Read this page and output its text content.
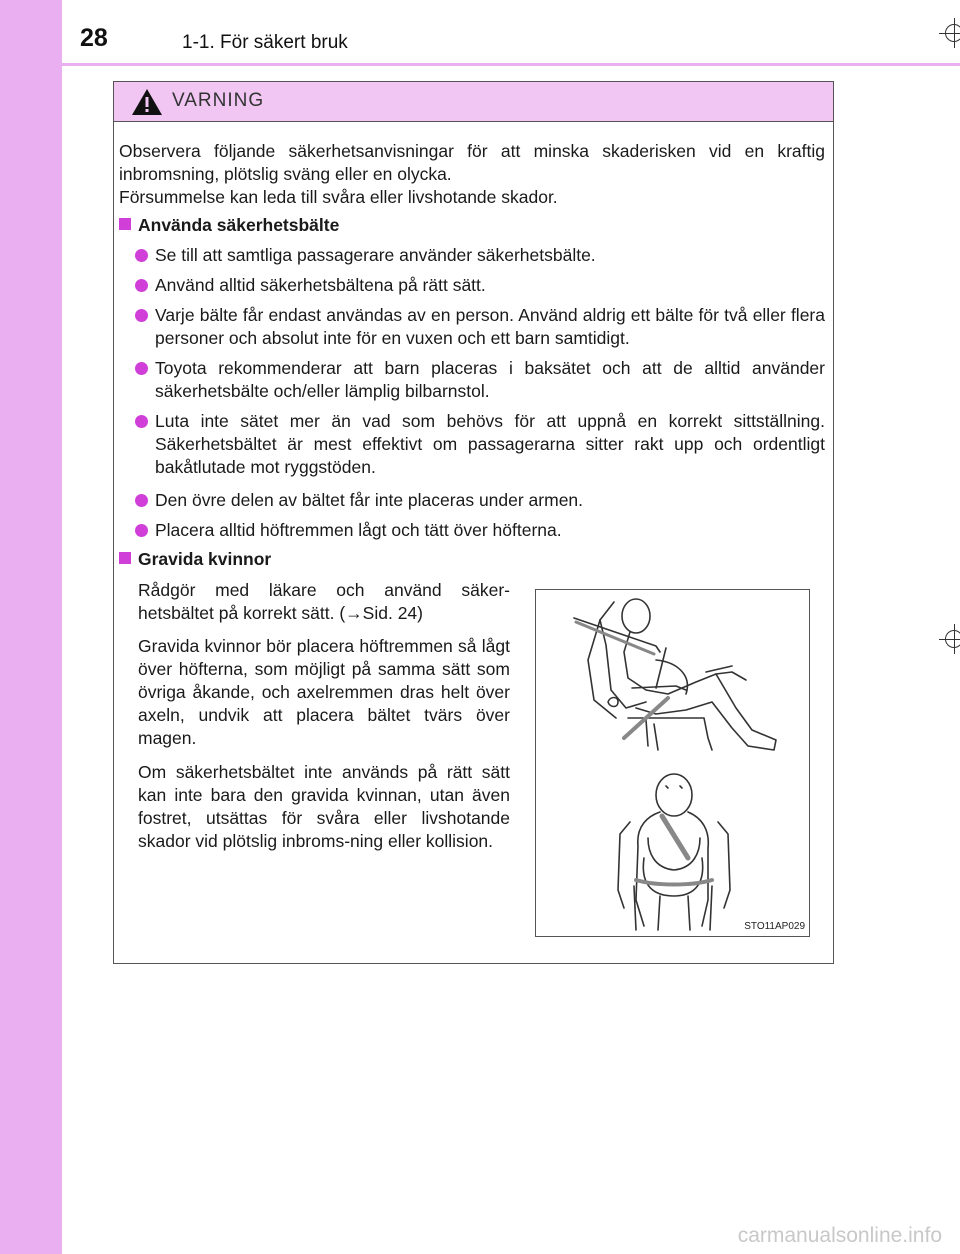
28	1-1. För säkert bruk
VARNING

Observera följande säkerhetsanvisningar för att minska skaderisken vid en kraftig inbromsning, plötslig sväng eller en olycka.

Försummelse kan leda till svåra eller livshotande skador.

Använda säkerhetsbälte
Se till att samtliga passagerare använder säkerhetsbälte.
Använd alltid säkerhetsbältena på rätt sätt.
Varje bälte får endast användas av en person. Använd aldrig ett bälte för två eller flera personer och absolut inte för en vuxen och ett barn samtidigt.
Toyota rekommenderar att barn placeras i baksätet och att de alltid använder säkerhetsbälte och/eller lämplig bilbarnstol.
Luta inte sätet mer än vad som behövs för att uppnå en korrekt sittställning. Säkerhetsbältet är mest effektivt om passagerarna sitter rakt upp och ordentligt bakåtlutade mot ryggstöden.
Den övre delen av bältet får inte placeras under armen.
Placera alltid höftremmen lågt och tätt över höfterna.
Gravida kvinnor

Rådgör med läkare och använd säker-hetsbältet på korrekt sätt. (→Sid. 24)

Gravida kvinnor bör placera höftremmen så lågt över höfterna, som möjligt på samma sätt som övriga åkande, och axelremmen dras helt över axeln, undvik att placera bältet tvärs över magen.

Om säkerhetsbältet inte används på rätt sätt kan inte bara den gravida kvinnan, utan även fostret, utsättas för svåra eller livshotande skador vid plötslig inbroms-ning eller kollision.

STO11AP029
carmanualsonline.info
